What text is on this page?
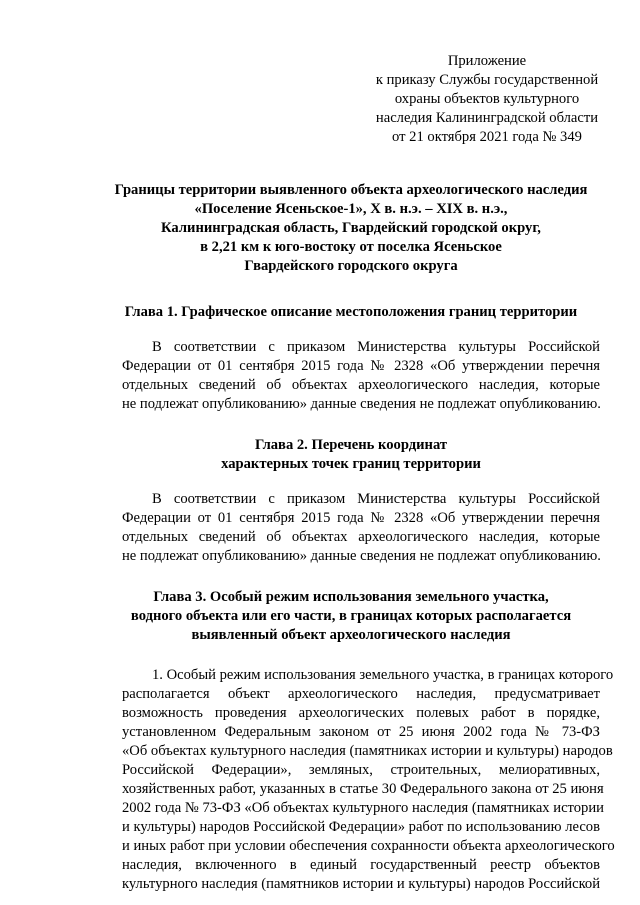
Приложение
к приказу Службы государственной
охраны объектов культурного
наследия Калининградской области
от 21 октября 2021 года № 349
Границы территории выявленного объекта археологического наследия
«Поселение Ясеньское-1», X в. н.э. – XIX в. н.э.,
Калининградская область, Гвардейский городской округ,
в 2,21 км к юго-востоку от поселка Ясеньское
Гвардейского городского округа
Глава 1. Графическое описание местоположения границ территории

В соответствии с приказом Министерства культуры Российской
Федерации от 01 сентября 2015 года № 2328 «Об утверждении перечня
отдельных сведений об объектах археологического наследия, которые
не подлежат опубликованию» данные сведения не подлежат опубликованию.

Глава 2. Перечень координат
характерных точек границ территории

В соответствии с приказом Министерства культуры Российской
Федерации от 01 сентября 2015 года № 2328 «Об утверждении перечня
отдельных сведений об объектах археологического наследия, которые
не подлежат опубликованию» данные сведения не подлежат опубликованию.

Глава 3. Особый режим использования земельного участка,
водного объекта или его части, в границах которых располагается
выявленный объект археологического наследия

1. Особый режим использования земельного участка, в границах которого
располагается объект археологического наследия, предусматривает
возможность проведения археологических полевых работ в порядке,
установленном Федеральным законом от 25 июня 2002 года № 73-ФЗ
«Об объектах культурного наследия (памятниках истории и культуры) народов
Российской Федерации», земляных, строительных, мелиоративных,
хозяйственных работ, указанных в статье 30 Федерального закона от 25 июня
2002 года № 73-ФЗ «Об объектах культурного наследия (памятниках истории
и культуры) народов Российской Федерации» работ по использованию лесов
и иных работ при условии обеспечения сохранности объекта археологического
наследия, включенного в единый государственный реестр объектов
культурного наследия (памятников истории и культуры) народов Российской
